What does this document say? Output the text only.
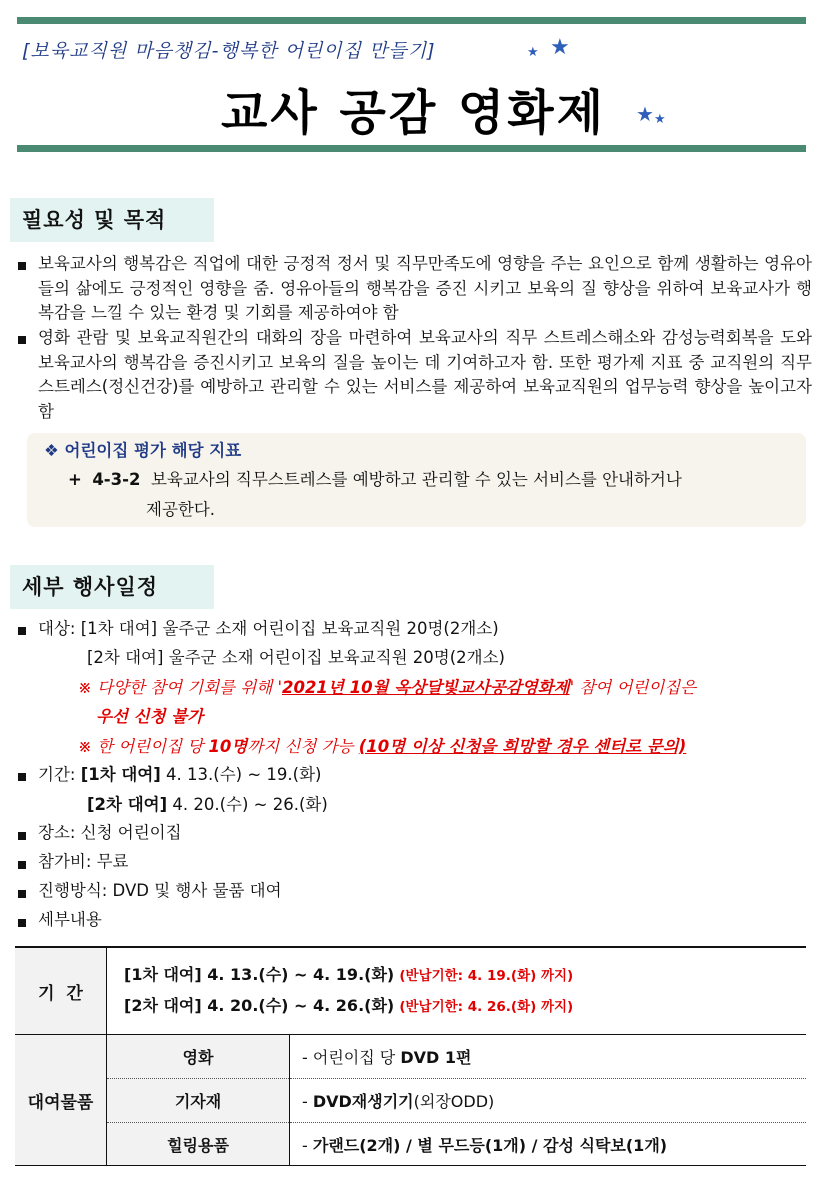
[보육교직원 마음챙김-행복한 어린이집 만들기]	★ ★
교사 공감 영화제	★ ★
필요성 및 목적
보육교사의 행복감은 직업에 대한 긍정적 정서 및 직무만족도에 영향을 주는 요인으로 함께 생활하는 영유아들의 삶에도 긍정적인 영향을 줌. 영유아들의 행복감을 증진 시키고 보육의 질 향상을 위하여 보육교사가 행복감을 느낄 수 있는 환경 및 기회를 제공하여야 함
영화 관람 및 보육교직원간의 대화의 장을 마련하여 보육교사의 직무 스트레스해소와 감성능력회복을 도와 보육교사의 행복감을 증진시키고 보육의 질을 높이는 데 기여하고자 함. 또한 평가제 지표 중 교직원의 직무스트레스(정신건강)를 예방하고 관리할 수 있는 서비스를 제공하여 보육교직원의 업무능력 향상을 높이고자 함
❖ 어린이집 평가 해당 지표
+ 4-3-2 보육교사의 직무스트레스를 예방하고 관리할 수 있는 서비스를 안내하거나
제공한다.
세부 행사일정
대상: [1차 대여] 울주군 소재 어린이집 보육교직원 20명(2개소)
[2차 대여] 울주군 소재 어린이집 보육교직원 20명(2개소)
※ 다양한 참여 기회를 위해 '2021년 10월 옥상달빛교사공감영화제' 참여 어린이집은
우선 신청 불가
※ 한 어린이집 당 10명까지 신청 가능 (10명 이상 신청을 희망할 경우 센터로 문의)
기간: [1차 대여] 4. 13.(수) ~ 19.(화)
[2차 대여] 4. 20.(수) ~ 26.(화)
장소: 신청 어린이집
참가비: 무료
진행방식: DVD 및 행사 물품 대여
세부내용
기  간	[1차 대여] 4. 13.(수) ~ 4. 19.(화) (반납기한: 4. 19.(화) 까지)
[2차 대여] 4. 20.(수) ~ 4. 26.(화) (반납기한: 4. 26.(화) 까지)	

대여물품	영화	- 어린이집 당 DVD 1편
	기자재	- DVD재생기기(외장ODD)
	힐링용품	- 가랜드(2개) / 별 무드등(1개) / 감성 식탁보(1개)
